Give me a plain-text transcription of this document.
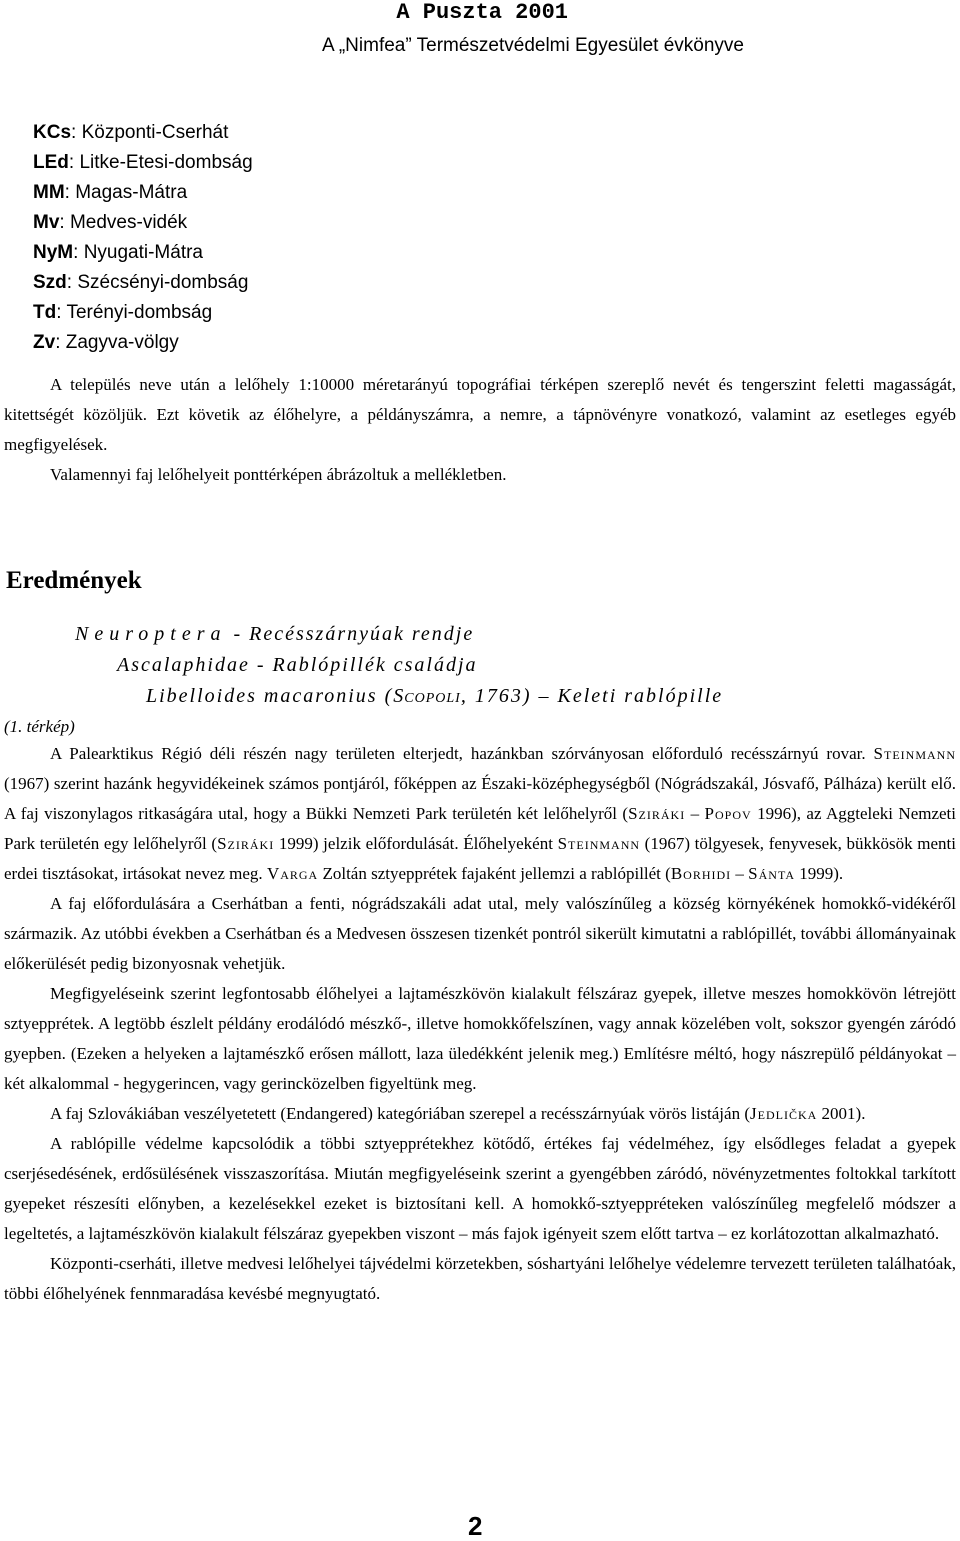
A Puszta 2001
A „Nimfea” Természetvédelmi Egyesület évkönyve
KCs: Központi-Cserhát
LEd: Litke-Etesi-dombság
MM: Magas-Mátra
Mv: Medves-vidék
NyM: Nyugati-Mátra
Szd: Szécsényi-dombság
Td: Terényi-dombság
Zv: Zagyva-völgy

A település neve után a lelőhely 1:10000 méretarányú topográfiai térképen szereplő nevét és tengerszint feletti magasságát, kitettségét közöljük. Ezt követik az élőhelyre, a példányszámra, a nemre, a tápnövényre vonatkozó, valamint az esetleges egyéb megfigyelések.

Valamennyi faj lelőhelyeit ponttérképen ábrázoltuk a mellékletben.

Eredmények
Neuroptera - Recésszárnyúak rendje
Ascalaphidae - Rablópillék családja
Libelloides macaronius (Scopoli, 1763) – Keleti rablópille
(1. térkép)

A Palearktikus Régió déli részén nagy területen elterjedt, hazánkban szórványosan előforduló recésszárnyú rovar. Steinmann (1967) szerint hazánk hegyvidékeinek számos pontjáról, főképpen az Északi-középhegységből (Nógrádszakál, Jósvafő, Pálháza) került elő. A faj viszonylagos ritkaságára utal, hogy a Bükki Nemzeti Park területén két lelőhelyről (Sziráki – Popov 1996), az Aggteleki Nemzeti Park területén egy lelőhelyről (Sziráki 1999) jelzik előfordulását. Élőhelyeként Steinmann (1967) tölgyesek, fenyvesek, bükkösök menti erdei tisztásokat, irtásokat nevez meg. Varga Zoltán sztyepprétek fajaként jellemzi a rablópillét (Borhidi – Sánta 1999).

A faj előfordulására a Cserhátban a fenti, nógrádszakáli adat utal, mely valószínűleg a község környékének homokkő-vidékéről származik. Az utóbbi években a Cserhátban és a Medvesen összesen tizenkét pontról sikerült kimutatni a rablópillét, további állományainak előkerülését pedig bizonyosnak vehetjük.

Megfigyeléseink szerint legfontosabb élőhelyei a lajtamészkövön kialakult félszáraz gyepek, illetve meszes homokkövön létrejött sztyepprétek. A legtöbb észlelt példány erodálódó mészkő-, illetve homokkőfelszínen, vagy annak közelében volt, sokszor gyengén záródó gyepben. (Ezeken a helyeken a lajtamészkő erősen mállott, laza üledékként jelenik meg.) Említésre méltó, hogy nászrepülő példányokat – két alkalommal - hegygerincen, vagy gerincközelben figyeltünk meg.

A faj Szlovákiában veszélyetetett (Endangered) kategóriában szerepel a recésszárnyúak vörös listáján (Jedlička 2001).

A rablópille védelme kapcsolódik a többi sztyepprétekhez kötődő, értékes faj védelméhez, így elsődleges feladat a gyepek cserjésedésének, erdősülésének visszaszorítása. Miután megfigyeléseink szerint a gyengébben záródó, növényzetmentes foltokkal tarkított gyepeket részesíti előnyben, a kezelésekkel ezeket is biztosítani kell. A homokkő-sztyeppréteken valószínűleg megfelelő módszer a legeltetés, a lajtamészkövön kialakult félszáraz gyepekben viszont – más fajok igényeit szem előtt tartva – ez korlátozottan alkalmazható.

Központi-cserháti, illetve medvesi lelőhelyei tájvédelmi körzetekben, sóshartyáni lelőhelye védelemre tervezett területen találhatóak, többi élőhelyének fennmaradása kevésbé megnyugtató.

2
